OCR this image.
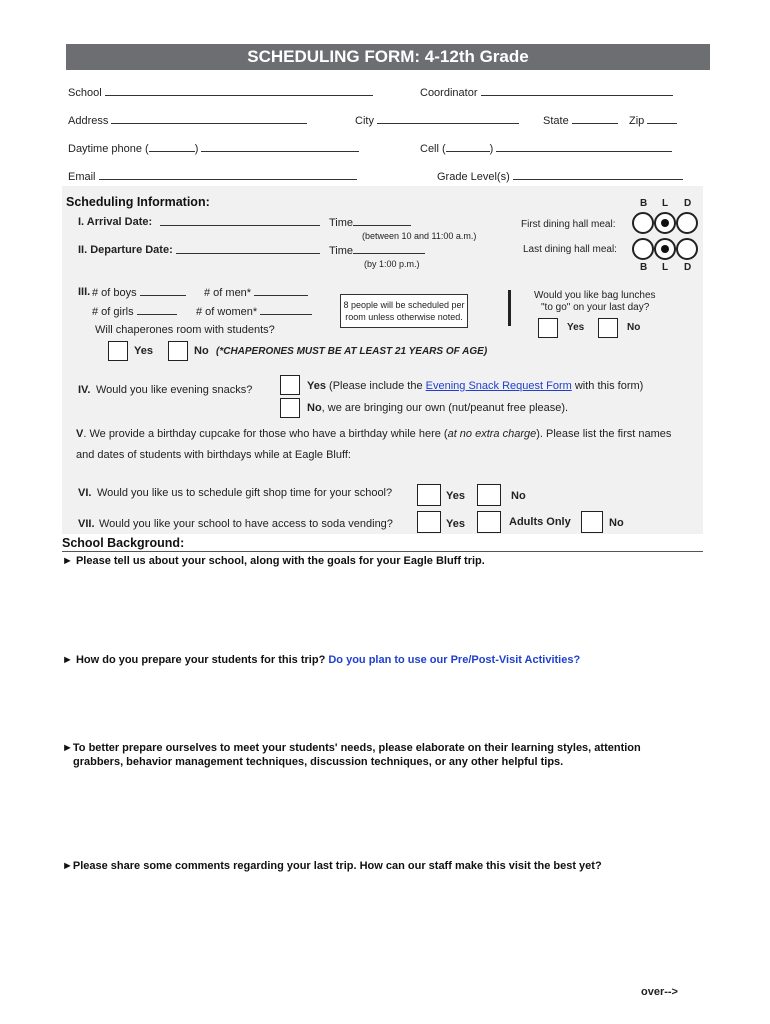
SCHEDULING FORM: 4-12th Grade
School	Coordinator
Address	City	State	Zip
Daytime phone (	)	Cell (	)
Email	Grade Level(s)
Scheduling Information:
I. Arrival Date:	Time
(between 10 and 11:00 a.m.)
II. Departure Date:	Time
(by 1:00 p.m.)
B L D
First dining hall meal:
Last dining hall meal:
B L D
III. # of boys	# of men*
# of girls	# of women*
Will chaperones room with students?
8 people will be scheduled per room unless otherwise noted.
Would you like bag lunches
"to go" on your last day?
Yes	No
Yes	No (*CHAPERONES MUST BE AT LEAST 21 YEARS OF AGE)
IV. Would you like evening snacks?	Yes (Please include the Evening Snack Request Form with this form)
No, we are bringing our own (nut/peanut free please).
V. We provide a birthday cupcake for those who have a birthday while here (at no extra charge). Please list the first names
and dates of students with birthdays while at Eagle Bluff:
VI. Would you like us to schedule gift shop time for your school?	Yes	No
VII. Would you like your school to have access to soda vending?	Yes	Adults Only	No
School Background:
► Please tell us about your school, along with the goals for your Eagle Bluff trip.
► How do you prepare your students for this trip? Do you plan to use our Pre/Post-Visit Activities?
►To better prepare ourselves to meet your students' needs, please elaborate on their learning styles, attention
grabbers, behavior management techniques, discussion techniques, or any other helpful tips.
►Please share some comments regarding your last trip. How can our staff make this visit the best yet?
over-->
